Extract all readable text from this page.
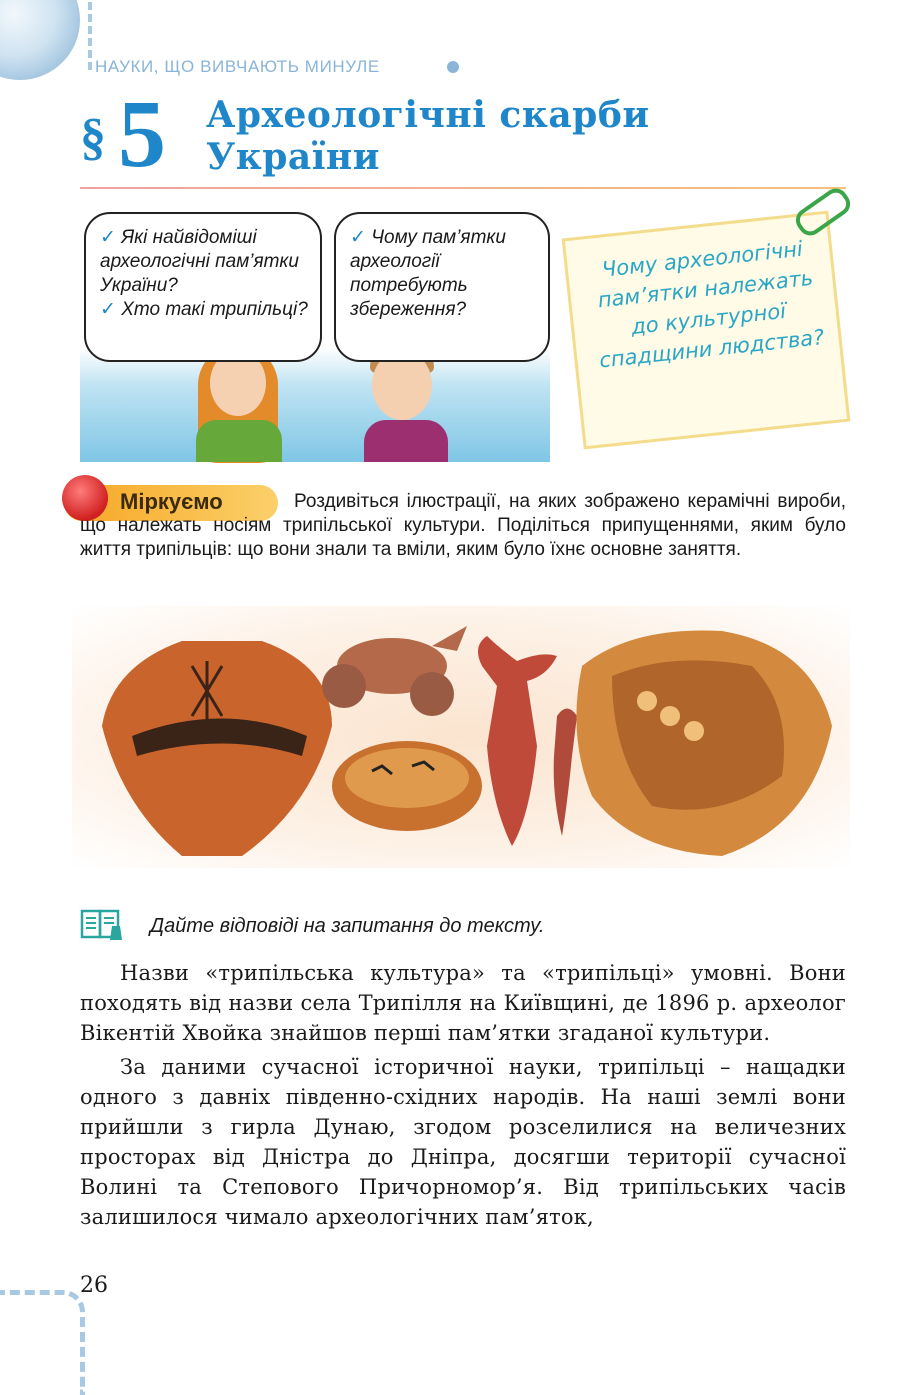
НАУКИ, ЩО ВИВЧАЮТЬ МИНУЛЕ
§ 5 Археологічні скарби
України
✓ Які найвідоміші археологічні пам’ятки України?
✓ Хто такі трипільці?
✓ Чому пам’ятки археології потребують збереження?
Чому археологічні пам’ятки належать до культурної спадщини людства?
Міркуємо	Роздивіться ілюстрації, на яких зображено керамічні вироби, що належать носіям трипільської культури. Поділіться припущеннями, яким було життя трипільців: що вони знали та вміли, яким було їхнє основне заняття.
Дайте відповіді на запитання до тексту.

Назви «трипільська культура» та «трипільці» умовні. Вони походять від назви села Трипілля на Київщині, де 1896 р. археолог Вікентій Хвойка знайшов перші пам’ятки згаданої культури.

За даними сучасної історичної науки, трипільці – нащадки одного з давніх південно-східних народів. На наші землі вони прийшли з гирла Дунаю, згодом розселилися на величезних просторах від Дністра до Дніпра, досягши території сучасної Волині та Степового Причорномор’я. Від трипільських часів залишилося чимало археологічних пам’яток,

26
